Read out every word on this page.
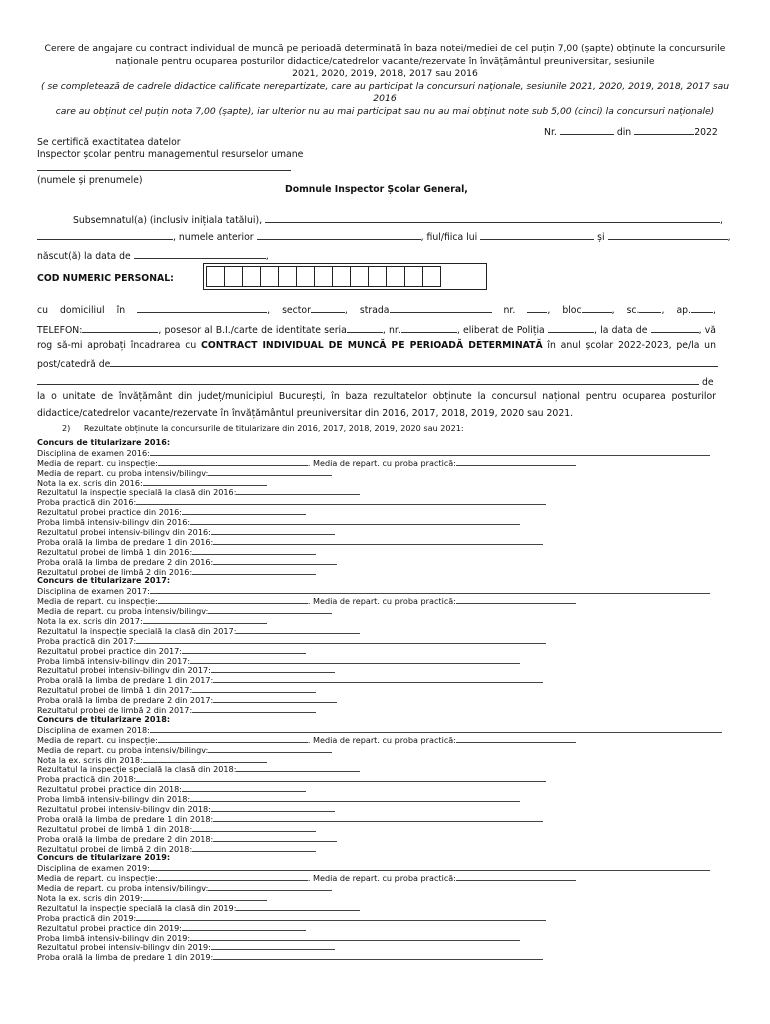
Cerere de angajare cu contract individual de muncă pe perioadă determinată în baza notei/mediei de cel puțin 7,00 (șapte) obținute la concursurile
naționale pentru ocuparea posturilor didactice/catedrelor vacante/rezervate în învățământul preuniversitar, sesiunile
2021, 2020, 2019, 2018, 2017 sau 2016
( se completează de cadrele didactice calificate nerepartizate, care au participat la concursuri naționale, sesiunile 2021, 2020, 2019, 2018, 2017 sau 2016
care au obținut cel puțin nota 7,00 (șapte), iar ulterior nu au mai participat sau nu au mai obținut note sub 5,00 (cinci) la concursuri naționale)
Nr.	din	2022
Se certifică exactitatea datelor
Inspector școlar pentru managementul resurselor umane
(numele și prenumele)
Domnule Inspector Școlar General,
Subsemnatul(a) (inclusiv inițiala tatălui),	,
, numele anterior	, fiul/fiica lui	și	,
născut(ă) la data de	,
COD NUMERIC PERSONAL:
cu domiciliul în	, sector	, strada	nr.	, bloc	, sc. , ap. ,
TELEFON:	, posesor al B.I./carte de identitate seria	, nr.	, eliberat de Poliția	, la data de	, vă
rog să-mi aprobați încadrarea cu CONTRACT INDIVIDUAL DE MUNCĂ PE PERIOADĂ DETERMINATĂ în anul școlar 2022-2023, pe/la un
post/catedră de
de
la o unitate de învățământ din județ/municipiul București, în baza rezultatelor obținute la concursul național pentru ocuparea posturilor
didactice/catedrelor vacante/rezervate în învățământul preuniversitar din 2016, 2017, 2018, 2019, 2020 sau 2021.
2) Rezultate obținute la concursurile de titularizare din 2016, 2017, 2018, 2019, 2020 sau 2021:
Concurs de titularizare 2016:
Disciplina de examen 2016:
Media de repart. cu inspecție:	. Media de repart. cu proba practică:
Media de repart. cu proba intensiv/bilingv:
Nota la ex. scris din 2016:
Rezultatul la inspecție specială la clasă din 2016:
Proba practică din 2016:
Rezultatul probei practice din 2016:
Proba limbă intensiv-bilingv din 2016:
Rezultatul probei intensiv-bilingv din 2016:
Proba orală la limba de predare 1 din 2016:
Rezultatul probei de limbă 1 din 2016:
Proba orală la limba de predare 2 din 2016:
Rezultatul probei de limbă 2 din 2016:
Concurs de titularizare 2017:
Disciplina de examen 2017:
Media de repart. cu inspecție:	. Media de repart. cu proba practică:
Media de repart. cu proba intensiv/bilingv:
Nota la ex. scris din 2017:
Rezultatul la inspecție specială la clasă din 2017:
Proba practică din 2017:
Rezultatul probei practice din 2017:
Proba limbă intensiv-bilingv din 2017:
Rezultatul probei intensiv-bilingv din 2017:
Proba orală la limba de predare 1 din 2017:
Rezultatul probei de limbă 1 din 2017:
Proba orală la limba de predare 2 din 2017:
Rezultatul probei de limbă 2 din 2017:
Concurs de titularizare 2018:
Disciplina de examen 2018:
Media de repart. cu inspecție:	. Media de repart. cu proba practică:
Media de repart. cu proba intensiv/bilingv:
Nota la ex. scris din 2018:
Rezultatul la inspecție specială la clasă din 2018:
Proba practică din 2018:
Rezultatul probei practice din 2018:
Proba limbă intensiv-bilingv din 2018:
Rezultatul probei intensiv-bilingv din 2018:
Proba orală la limba de predare 1 din 2018:
Rezultatul probei de limbă 1 din 2018:
Proba orală la limba de predare 2 din 2018:
Rezultatul probei de limbă 2 din 2018:
Concurs de titularizare 2019:
Disciplina de examen 2019:
Media de repart. cu inspecție:	. Media de repart. cu proba practică:
Media de repart. cu proba intensiv/bilingv:
Nota la ex. scris din 2019:
Rezultatul la inspecție specială la clasă din 2019:
Proba practică din 2019:
Rezultatul probei practice din 2019:
Proba limbă intensiv-bilingv din 2019:
Rezultatul probei intensiv-bilingv din 2019:
Proba orală la limba de predare 1 din 2019:
